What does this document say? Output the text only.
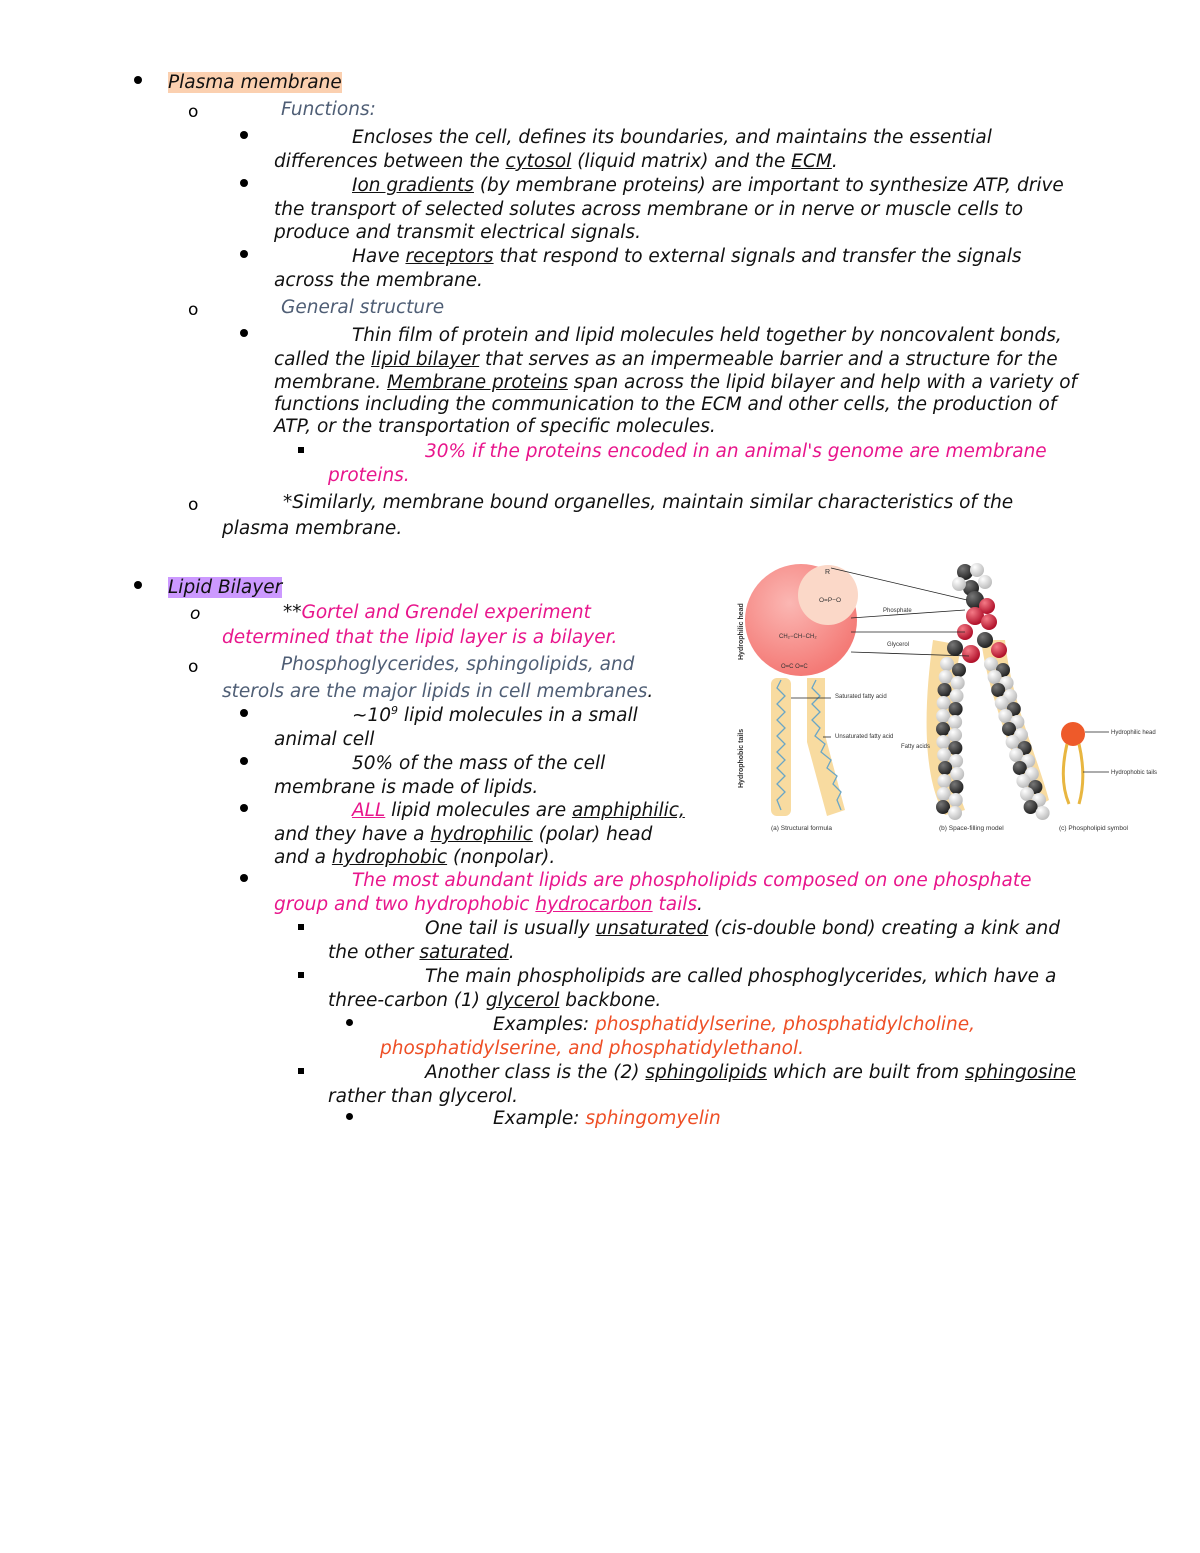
Plasma membrane
o	Functions:
Encloses the cell, defines its boundaries, and maintains the essential
differences between the cytosol (liquid matrix) and the ECM.
Ion gradients (by membrane proteins) are important to synthesize ATP, drive
the transport of selected solutes across membrane or in nerve or muscle cells to
produce and transmit electrical signals.
Have receptors that respond to external signals and transfer the signals
across the membrane.
o	General structure
Thin film of protein and lipid molecules held together by noncovalent bonds,
called the lipid bilayer that serves as an impermeable barrier and a structure for the
membrane. Membrane proteins span across the lipid bilayer and help with a variety of
functions including the communication to the ECM and other cells, the production of
ATP, or the transportation of specific molecules.
30% if the proteins encoded in an animal's genome are membrane
proteins.
o	*Similarly, membrane bound organelles, maintain similar characteristics of the
plasma membrane.
Lipid Bilayer
o	**Gortel and Grendel experiment
determined that the lipid layer is a bilayer.
o	Phosphoglycerides, sphingolipids, and
sterols are the major lipids in cell membranes.
$\sim 10^9$ lipid molecules in a small
animal cell
50% of the mass of the cell
membrane is made of lipids.
ALL lipid molecules are amphiphilic,
and they have a hydrophilic (polar) head
and a hydrophobic (nonpolar).
The most abundant lipids are phospholipids composed on one phosphate
group and two hydrophobic hydrocarbon tails.
One tail is usually unsaturated (cis-double bond) creating a kink and
the other saturated.
The main phospholipids are called phosphoglycerides, which have a
three-carbon (1) glycerol backbone.
Examples: phosphatidylserine, phosphatidylcholine,
phosphatidylserine, and phosphatidylethanol.
Another class is the (2) sphingolipids which are built from sphingosine
rather than glycerol.
Example: sphingomyelin
Hydrophilic head
Hydrophobic tails
R
O=P−O
CH₂−CH−CH₂
O=C O=C
Phosphate
Glycerol
Saturated fatty acid
Unsaturated fatty acid
Fatty acids
Hydrophilic head
Hydrophobic tails
(a) Structural formula	(b) Space-filling model	(c) Phospholipid symbol
